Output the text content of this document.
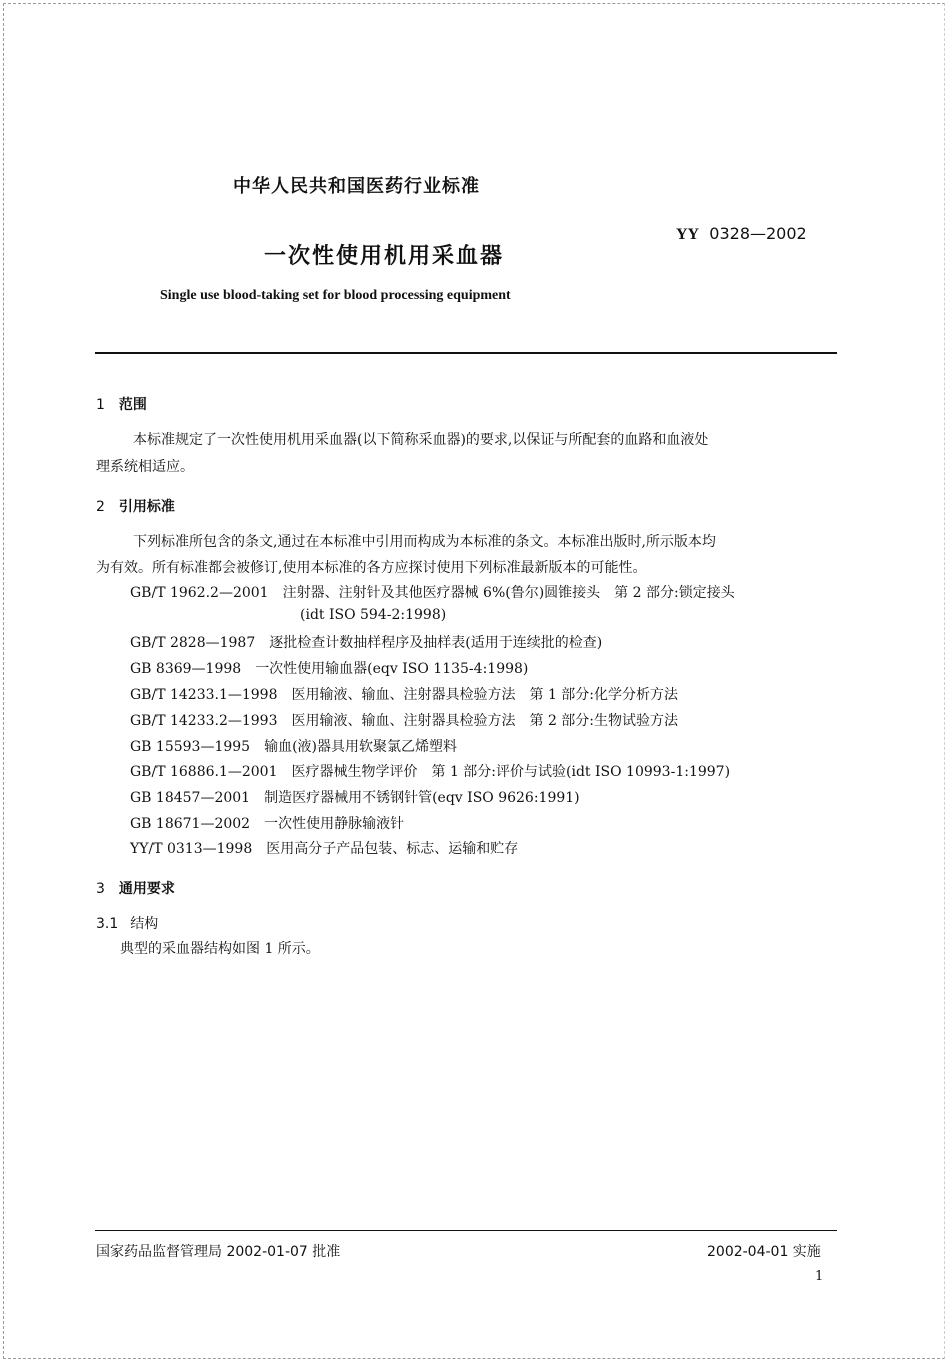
中华人民共和国医药行业标准
YY 0328—2002
一次性使用机用采血器
Single use blood-taking set for blood processing equipment
1 范围
本标准规定了一次性使用机用采血器(以下简称采血器)的要求,以保证与所配套的血路和血液处
理系统相适应。
2 引用标准
下列标准所包含的条文,通过在本标准中引用而构成为本标准的条文。本标准出版时,所示版本均
为有效。所有标准都会被修订,使用本标准的各方应探讨使用下列标准最新版本的可能性。
GB/T 1962.2—2001 注射器、注射针及其他医疗器械 6%(鲁尔)圆锥接头　第 2 部分:锁定接头
(idt ISO 594-2:1998)
GB/T 2828—1987 逐批检查计数抽样程序及抽样表(适用于连续批的检查)
GB 8369—1998 一次性使用输血器(eqv ISO 1135-4:1998)
GB/T 14233.1—1998 医用输液、输血、注射器具检验方法　第 1 部分:化学分析方法
GB/T 14233.2—1993 医用输液、输血、注射器具检验方法　第 2 部分:生物试验方法
GB 15593—1995 输血(液)器具用软聚氯乙烯塑料
GB/T 16886.1—2001 医疗器械生物学评价　第 1 部分:评价与试验(idt ISO 10993-1:1997)
GB 18457—2001 制造医疗器械用不锈钢针管(eqv ISO 9626:1991)
GB 18671—2002 一次性使用静脉输液针
YY/T 0313—1998 医用高分子产品包装、标志、运输和贮存
3 通用要求
3.1 结构
典型的采血器结构如图 1 所示。
国家药品监督管理局 2002-01-07 批准	2002-04-01 实施
1
